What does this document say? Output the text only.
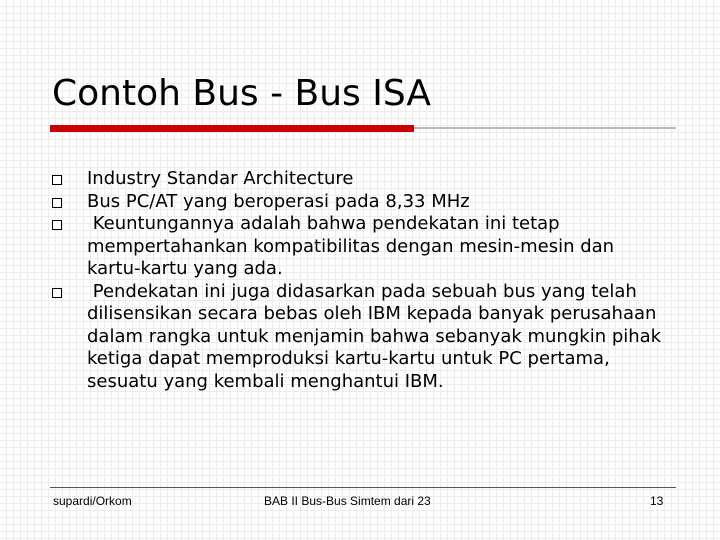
Contoh Bus - Bus ISA
Industry Standar Architecture
Bus PC/AT yang beroperasi pada 8,33 MHz
Keuntungannya adalah bahwa pendekatan ini tetap mempertahankan kompatibilitas dengan mesin-mesin dan kartu-kartu yang ada.
Pendekatan ini juga didasarkan pada sebuah bus yang telah dilisensikan secara bebas oleh IBM kepada banyak perusahaan dalam rangka untuk menjamin bahwa sebanyak mungkin pihak ketiga dapat memproduksi kartu-kartu untuk PC pertama, sesuatu yang kembali menghantui IBM.
supardi/Orkom	BAB II Bus-Bus Simtem dari 23	13
